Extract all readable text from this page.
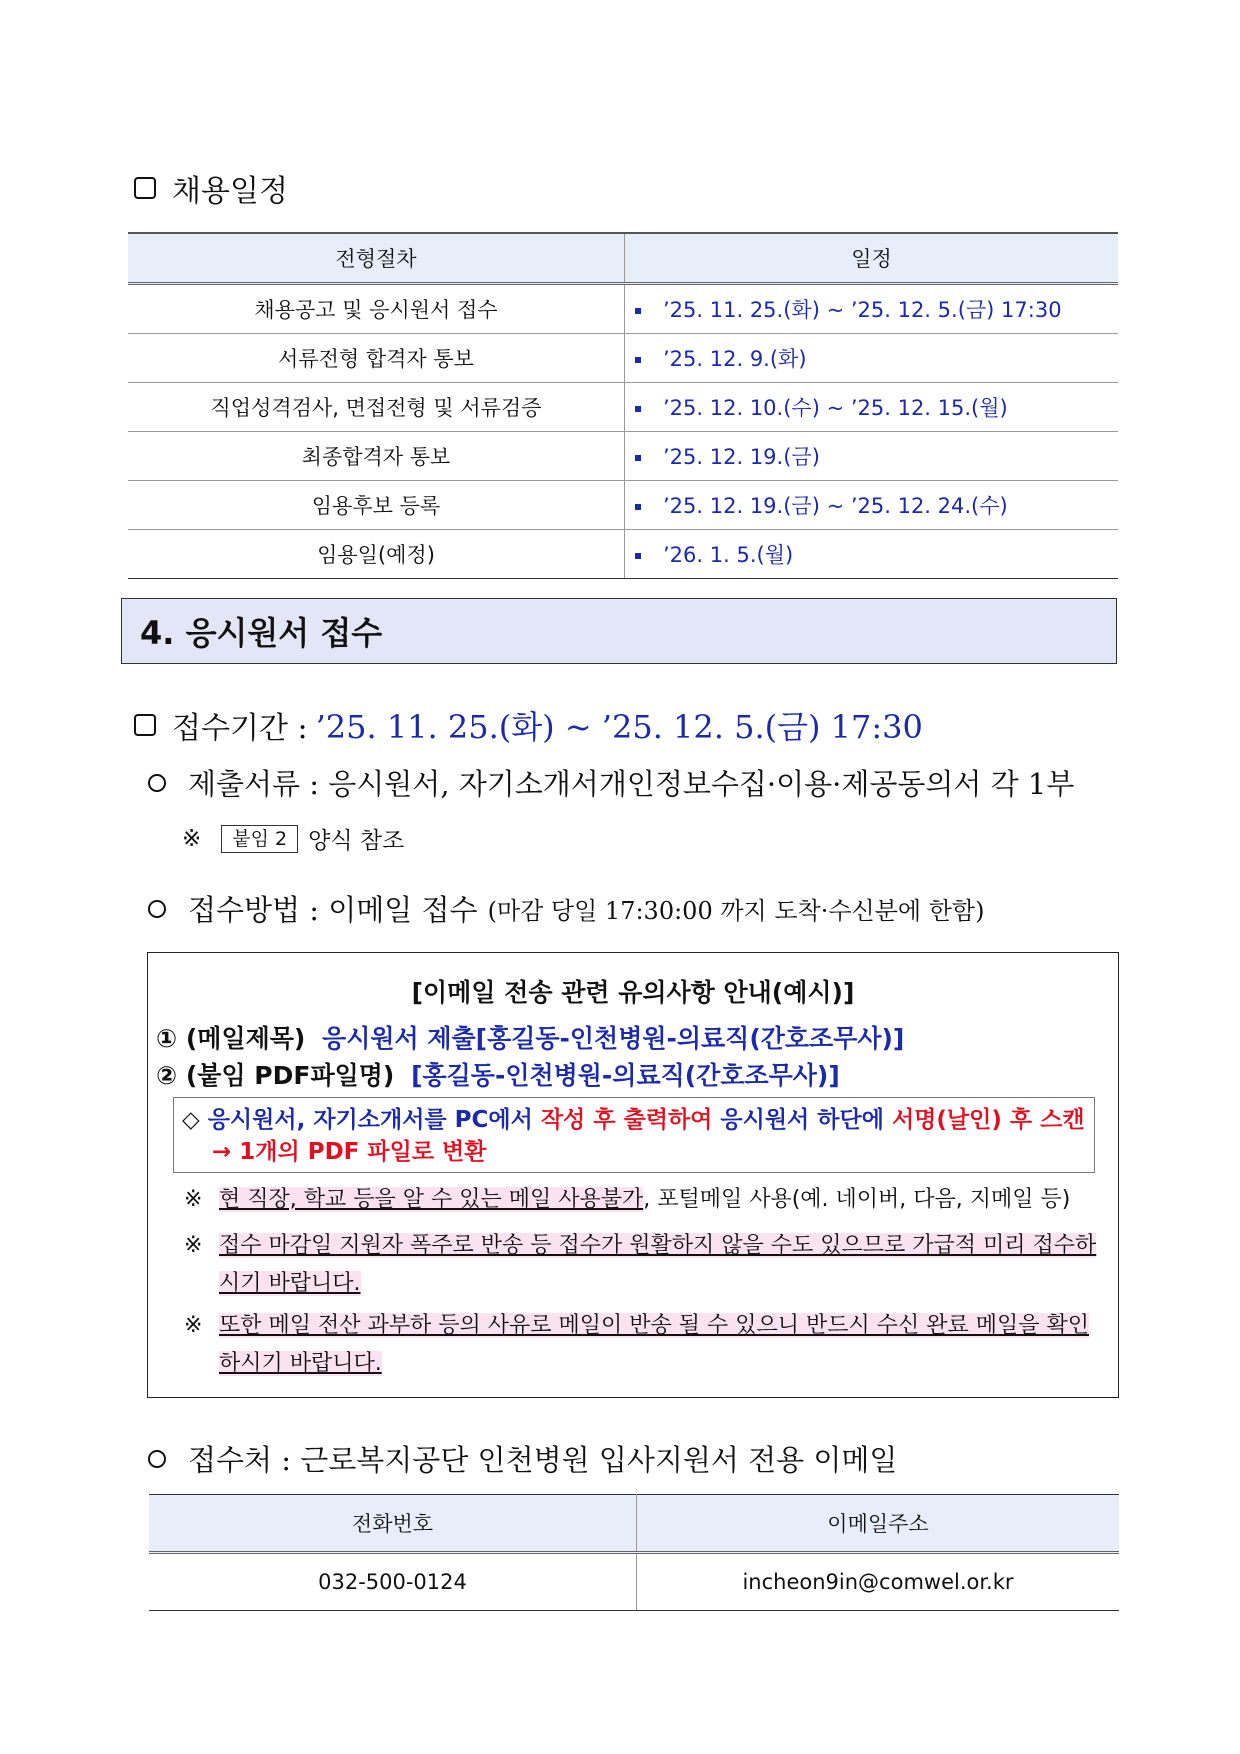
채용일정
전형절차	일정
채용공고 및 응시원서 접수	’25. 11. 25.(화) ~ ’25. 12. 5.(금) 17:30
서류전형 합격자 통보	’25. 12. 9.(화)
직업성격검사, 면접전형 및 서류검증	’25. 12. 10.(수) ~ ’25. 12. 15.(월)
최종합격자 통보	’25. 12. 19.(금)
임용후보 등록	’25. 12. 19.(금) ~ ’25. 12. 24.(수)
임용일(예정)	’26. 1. 5.(월)
4. 응시원서 접수
접수기간 : ’25. 11. 25.(화) ~ ’25. 12. 5.(금) 17:30
제출서류 : 응시원서, 자기소개서개인정보수집·이용·제공동의서 각 1부
※	붙임 2 양식 참조
접수방법 : 이메일 접수 (마감 당일 17:30:00 까지 도착·수신분에 한함)
[이메일 전송 관련 유의사항 안내(예시)]
① (메일제목) 응시원서 제출[홍길동-인천병원-의료직(간호조무사)]
② (붙임 PDF파일명) [홍길동-인천병원-의료직(간호조무사)]
◇ 응시원서, 자기소개서를 PC에서 작성 후 출력하여 응시원서 하단에 서명(날인) 후 스캔
→ 1개의 PDF 파일로 변환
※ 현 직장, 학교 등을 알 수 있는 메일 사용불가, 포털메일 사용(예. 네이버, 다음, 지메일 등)
※ 접수 마감일 지원자 폭주로 반송 등 접수가 원활하지 않을 수도 있으므로 가급적 미리 접수하시기 바랍니다.
※ 또한 메일 전산 과부하 등의 사유로 메일이 반송 될 수 있으니 반드시 수신 완료 메일을 확인하시기 바랍니다.
접수처 : 근로복지공단 인천병원 입사지원서 전용 이메일
전화번호	이메일주소
032-500-0124	incheon9in@comwel.or.kr
